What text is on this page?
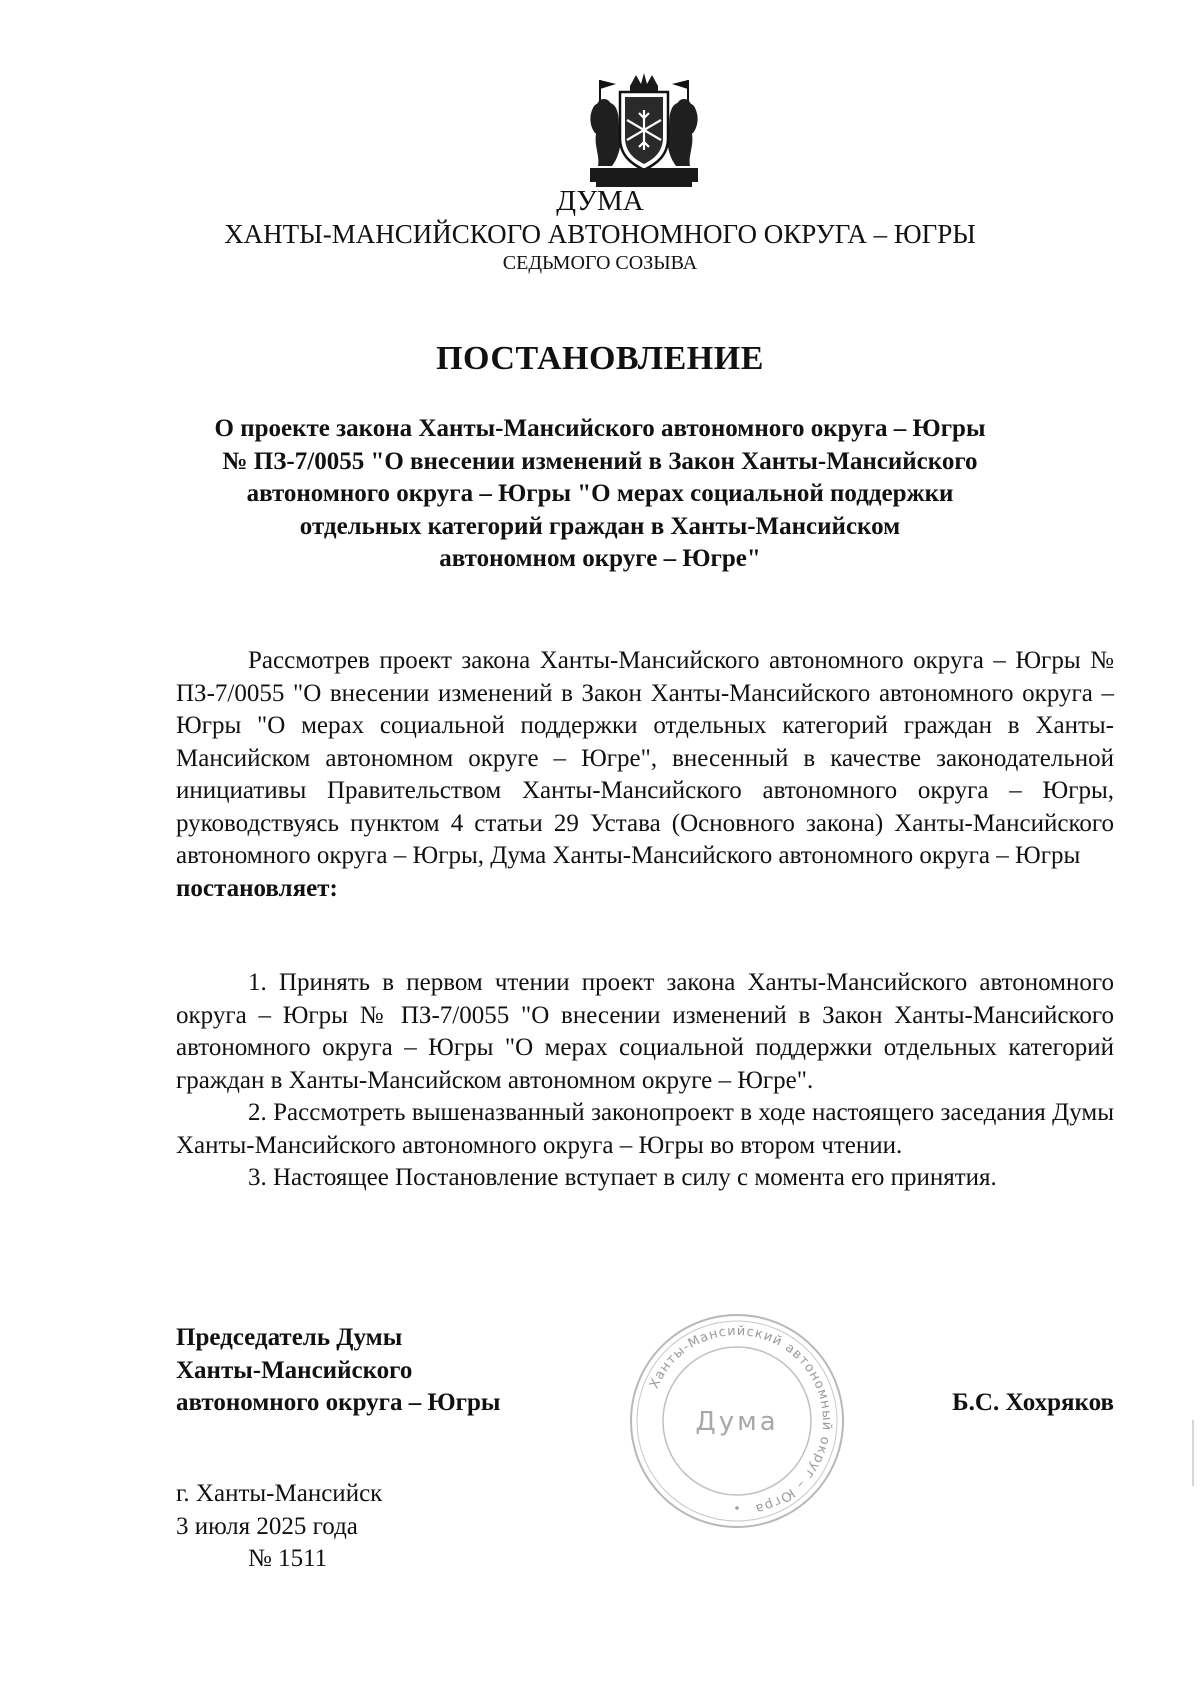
ДУМА
ХАНТЫ-МАНСИЙСКОГО АВТОНОМНОГО ОКРУГА – ЮГРЫ
СЕДЬМОГО СОЗЫВА
ПОСТАНОВЛЕНИЕ
О проекте закона Ханты-Мансийского автономного округа – Югры
№ ПЗ-7/0055 "О внесении изменений в Закон Ханты-Мансийского
автономного округа – Югры "О мерах социальной поддержки
отдельных категорий граждан в Ханты-Мансийском
автономном округе – Югре"

Рассмотрев проект закона Ханты-Мансийского автономного округа – Югры № ПЗ-7/0055 "О внесении изменений в Закон Ханты-Мансийского автономного округа – Югры "О мерах социальной поддержки отдельных категорий граждан в Ханты-Мансийском автономном округе – Югре", внесенный в качестве законодательной инициативы Правительством Ханты-Мансийского автономного округа – Югры, руководствуясь пунктом 4 статьи 29 Устава (Основного закона) Ханты-Мансийского автономного округа – Югры, Дума Ханты-Мансийского автономного округа – Югры

постановляет:

1. Принять в первом чтении проект закона Ханты-Мансийского автономного округа – Югры № ПЗ-7/0055 "О внесении изменений в Закон Ханты-Мансийского автономного округа – Югры "О мерах социальной поддержки отдельных категорий граждан в Ханты-Мансийском автономном округе – Югре".

2. Рассмотреть вышеназванный законопроект в ходе настоящего заседания Думы Ханты-Мансийского автономного округа – Югры во втором чтении.

3. Настоящее Постановление вступает в силу с момента его принятия.

Председатель Думы
Ханты-Мансийского
автономного округа – Югры
Ханты-Мансийский автономный округ – Югра
Дума
Б.С. Хохряков
г. Ханты-Мансийск
3 июля 2025 года
№ 1511
